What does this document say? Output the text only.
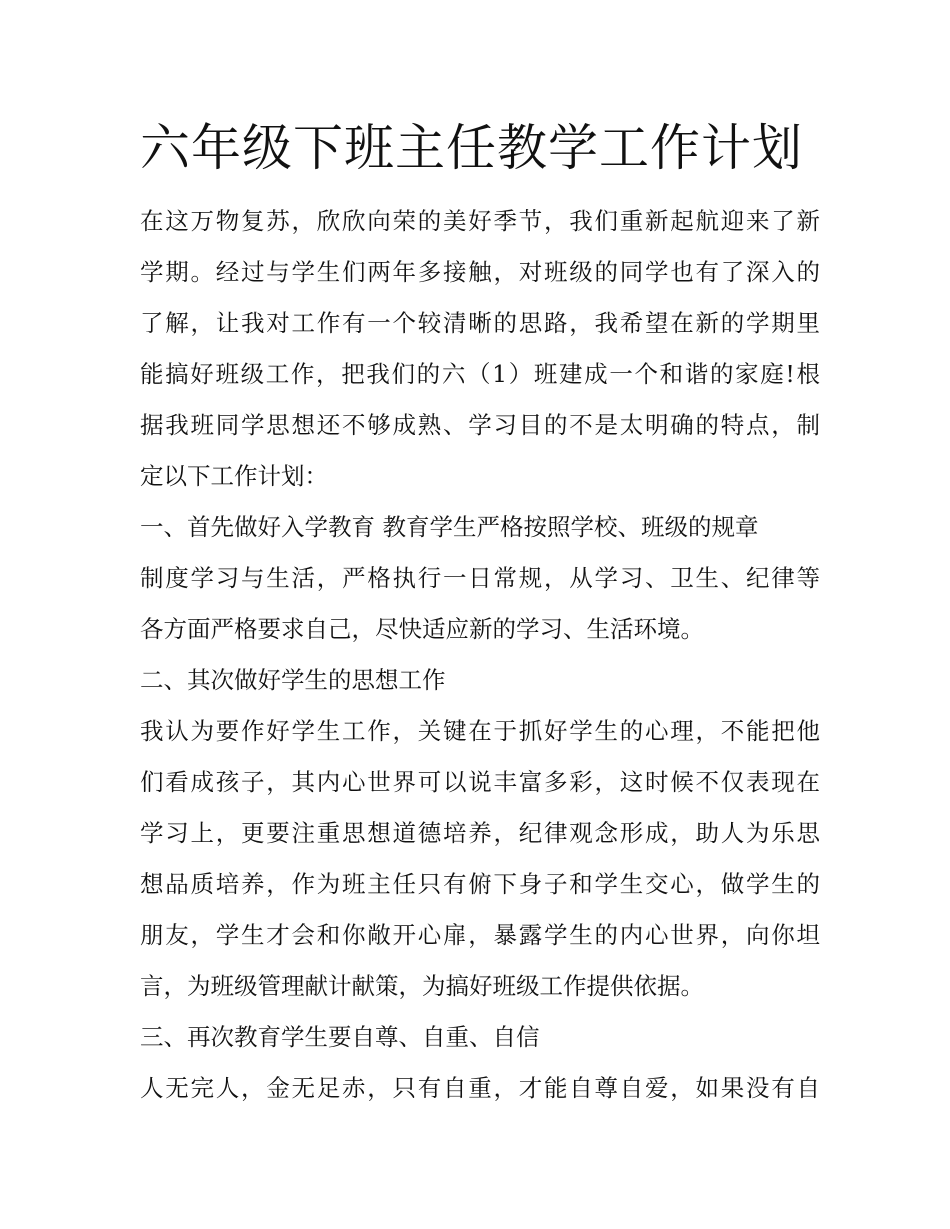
六年级下班主任教学工作计划
在这万物复苏，欣欣向荣的美好季节，我们重新起航迎来了新
学期。经过与学生们两年多接触，对班级的同学也有了深入的
了解，让我对工作有一个较清晰的思路，我希望在新的学期里
能搞好班级工作，把我们的六（1）班建成一个和谐的家庭!根
据我班同学思想还不够成熟、学习目的不是太明确的特点，制
定以下工作计划：
一、首先做好入学教育 教育学生严格按照学校、班级的规章
制度学习与生活，严格执行一日常规，从学习、卫生、纪律等
各方面严格要求自己，尽快适应新的学习、生活环境。
二、其次做好学生的思想工作
我认为要作好学生工作，关键在于抓好学生的心理，不能把他
们看成孩子，其内心世界可以说丰富多彩，这时候不仅表现在
学习上，更要注重思想道德培养，纪律观念形成，助人为乐思
想品质培养，作为班主任只有俯下身子和学生交心，做学生的
朋友，学生才会和你敞开心扉，暴露学生的内心世界，向你坦
言，为班级管理献计献策，为搞好班级工作提供依据。
三、再次教育学生要自尊、自重、自信
人无完人，金无足赤，只有自重，才能自尊自爱，如果没有自
